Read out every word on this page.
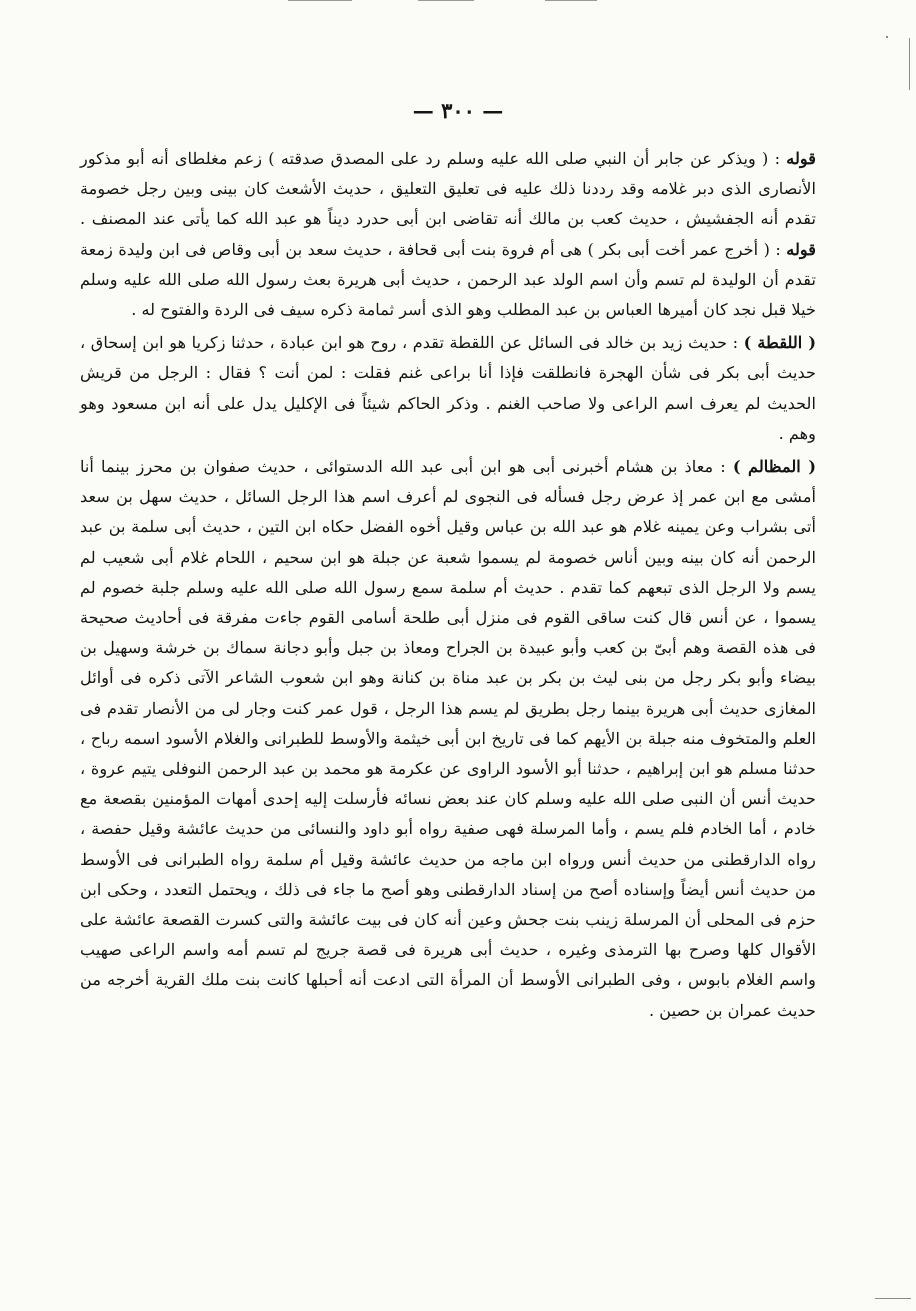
— ٣٠٠ —
قوله : ( ويذكر عن جابر أن النبي صلى الله عليه وسلم رد على المصدق صدقته ) زعم مغلطاى أنه أبو مذكور الأنصارى الذى دبر غلامه وقد رددنا ذلك عليه فى تعليق التعليق ، حديث الأشعث كان بينى وبين رجل خصومة تقدم أنه الجفشيش ، حديث كعب بن مالك أنه تقاضى ابن أبى حدرد ديناً هو عبد الله كما يأتى عند المصنف . قوله : ( أخرج عمر أخت أبى بكر ) هى أم فروة بنت أبى قحافة ، حديث سعد بن أبى وقاص فى ابن وليدة زمعة تقدم أن الوليدة لم تسم وأن اسم الولد عبد الرحمن ، حديث أبى هريرة بعث رسول الله صلى الله عليه وسلم خيلا قبل نجد كان أميرها العباس بن عبد المطلب وهو الذى أسر ثمامة ذكره سيف فى الردة والفتوح له .
( اللقطة ) : حديث زيد بن خالد فى السائل عن اللقطة تقدم ، روح هو ابن عبادة ، حدثنا زكريا هو ابن إسحاق ، حديث أبى بكر فى شأن الهجرة فانطلقت فإذا أنا براعى غنم فقلت : لمن أنت ؟ فقال : الرجل من قريش الحديث لم يعرف اسم الراعى ولا صاحب الغنم . وذكر الحاكم شيئاً فى الإكليل يدل على أنه ابن مسعود وهو وهم .
( المظالم ) : معاذ بن هشام أخبرنى أبى هو ابن أبى عبد الله الدستوائى ، حديث صفوان بن محرز بينما أنا أمشى مع ابن عمر إذ عرض رجل فسأله فى النجوى لم أعرف اسم هذا الرجل السائل ، حديث سهل بن سعد أتى بشراب وعن يمينه غلام هو عبد الله بن عباس وقيل أخوه الفضل حكاه ابن التين ، حديث أبى سلمة بن عبد الرحمن أنه كان بينه وبين أناس خصومة لم يسموا شعبة عن جبلة هو ابن سحيم ، اللحام غلام أبى شعيب لم يسم ولا الرجل الذى تبعهم كما تقدم . حديث أم سلمة سمع رسول الله صلى الله عليه وسلم جلبة خصوم لم يسموا ، عن أنس قال كنت ساقى القوم فى منزل أبى طلحة أسامى القوم جاءت مفرقة فى أحاديث صحيحة فى هذه القصة وهم أبىّ بن كعب وأبو عبيدة بن الجراح ومعاذ بن جبل وأبو دجانة سماك بن خرشة وسهيل بن بيضاء وأبو بكر رجل من بنى ليث بن بكر بن عبد مناة بن كنانة وهو ابن شعوب الشاعر الآتى ذكره فى أوائل المغازى حديث أبى هريرة بينما رجل بطريق لم يسم هذا الرجل ، قول عمر كنت وجار لى من الأنصار تقدم فى العلم والمتخوف منه جبلة بن الأيهم كما فى تاريخ ابن أبى خيثمة والأوسط للطبرانى والغلام الأسود اسمه رباح ، حدثنا مسلم هو ابن إبراهيم ، حدثنا أبو الأسود الراوى عن عكرمة هو محمد بن عبد الرحمن النوفلى يتيم عروة ، حديث أنس أن النبى صلى الله عليه وسلم كان عند بعض نسائه فأرسلت إليه إحدى أمهات المؤمنين بقصعة مع خادم ، أما الخادم فلم يسم ، وأما المرسلة فهى صفية رواه أبو داود والنسائى من حديث عائشة وقيل حفصة ، رواه الدارقطنى من حديث أنس ورواه ابن ماجه من حديث عائشة وقيل أم سلمة رواه الطبرانى فى الأوسط من حديث أنس أيضاً وإسناده أصح من إسناد الدارقطنى وهو أصح ما جاء فى ذلك ، ويحتمل التعدد ، وحكى ابن حزم فى المحلى أن المرسلة زينب بنت جحش وعين أنه كان فى بيت عائشة والتى كسرت القصعة عائشة على الأقوال كلها وصرح بها الترمذى وغيره ، حديث أبى هريرة فى قصة جريج لم تسم أمه واسم الراعى صهيب واسم الغلام بابوس ، وفى الطبرانى الأوسط أن المرأة التى ادعت أنه أحبلها كانت بنت ملك القرية أخرجه من حديث عمران بن حصين .
